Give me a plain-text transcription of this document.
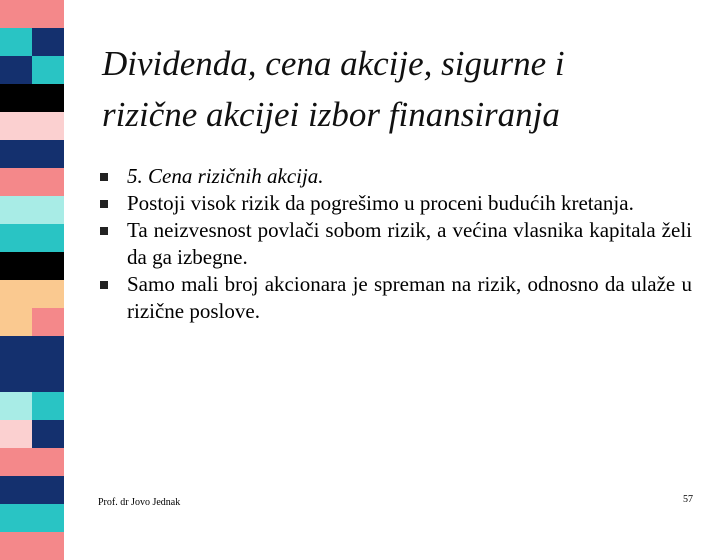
Dividenda, cena akcije, sigurne i
rizične akcijei izbor finansiranja
5. Cena rizičnih akcija.
Postoji visok rizik da pogrešimo u proceni budućih kretanja.
Ta neizvesnost povlači sobom rizik, a većina vlasnika kapitala želi da ga izbegne.
Samo mali broj akcionara je spreman na rizik, odnosno da ulaže u rizične poslove.
Prof. dr Jovo Jednak	57
